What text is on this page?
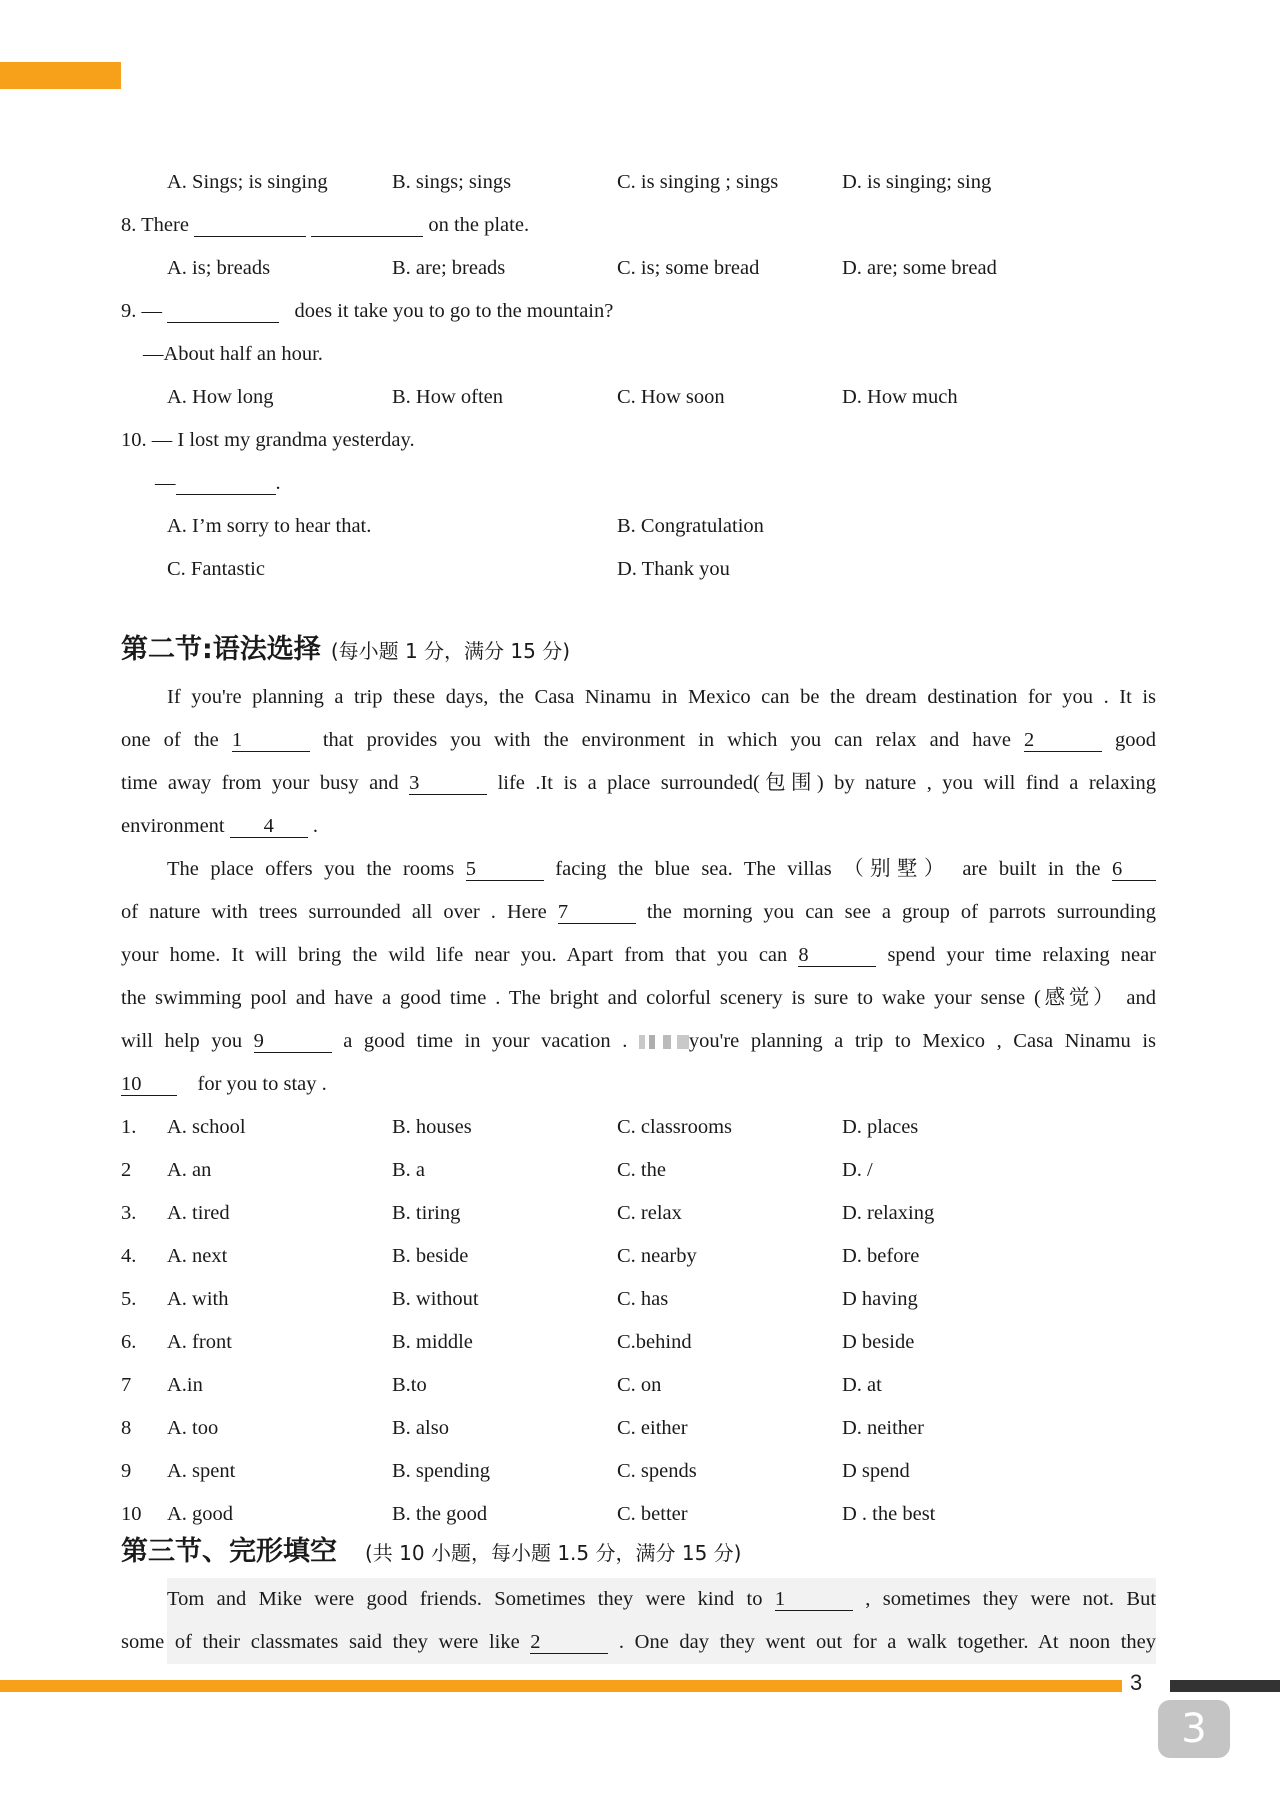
A. Sings; is singing	B. sings; sings	C. is singing ; sings	D. is singing; sing
8. There	on the plate.
A. is; breads	B. are; breads	C. is; some bread	D. are; some bread
9. —	does it take you to go to the mountain?
—About half an hour.
A. How long	B. How often	C. How soon	D. How much
10. — I lost my grandma yesterday.
—	.
A. I’m sorry to hear that.	B. Congratulation
C. Fantastic	D. Thank you
第二节:语法选择 (每小题 1 分，满分 15 分)
If you're planning a trip these days, the Casa Ninamu in Mexico can be the dream destination for you . It is
one of the 1	that provides you with the environment in which you can relax and have 2	good
time away from your busy and 3	life .It is a place surrounded(包围) by nature , you will find a relaxing
environment 4 .
The place offers you the rooms 5	facing the blue sea. The villas （别墅） are built in the 6
of nature with trees surrounded all over . Here 7	the morning you can see a group of parrots surrounding
your home. It will bring the wild life near you. Apart from that you can 8	spend your time relaxing near
the swimming pool and have a good time . The bright and colorful scenery is sure to wake your sense (感觉） and
will help you 9	a good time in your vacation .	you're planning a trip to Mexico , Casa Ninamu is
10	for you to stay .
1. A. school	B. houses	C. classrooms	D. places
2 A. an	B. a	C. the	D. /
3. A. tired	B. tiring	C. relax	D. relaxing
4. A. next	B. beside	C. nearby	D. before
5. A. with	B. without	C. has	D having
6. A. front	B. middle	C.behind	D beside
7 A.in	B.to	C. on	D. at
8 A. too	B. also	C. either	D. neither
9 A. spent	B. spending	C. spends	D spend
10 A. good	B. the good	C. better	D . the best
第三节、完形填空 (共 10 小题，每小题 1.5 分，满分 15 分)
Tom and Mike were good friends. Sometimes they were kind to 1	, sometimes they were not. But
some of their classmates said they were like 2	. One day they went out for a walk together. At noon they
3
3
